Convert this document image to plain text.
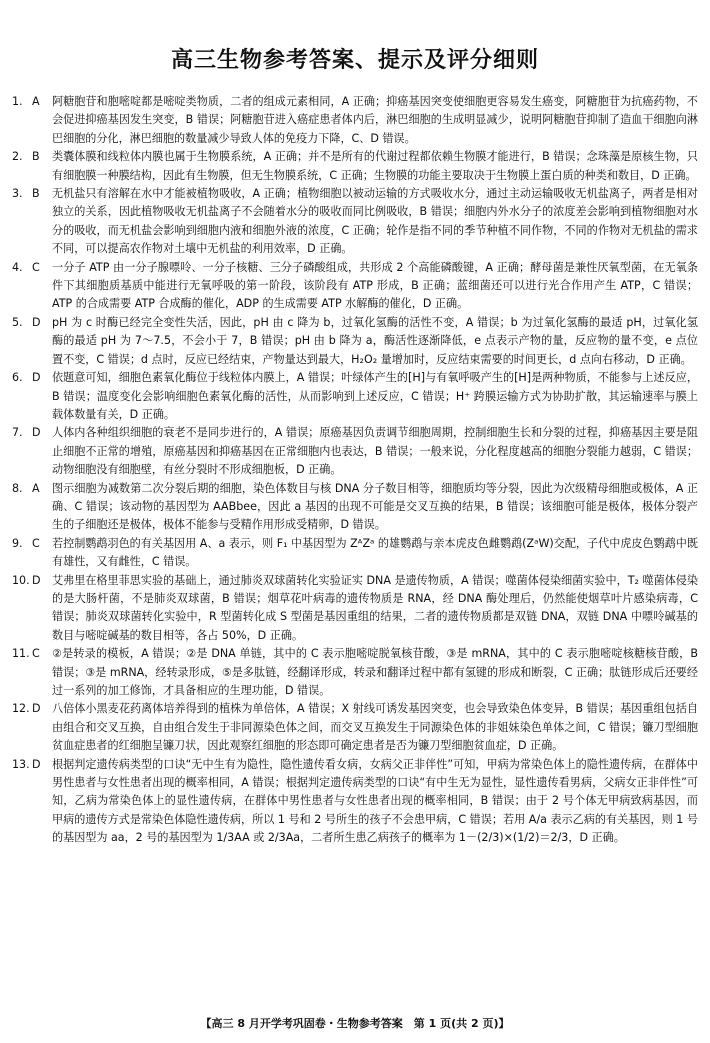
高三生物参考答案、提示及评分细则
1. A	阿糖胞苷和胞嘧啶都是嘧啶类物质，二者的组成元素相同，A 正确；抑癌基因突变使细胞更容易发生癌变，阿糖胞苷为抗癌药物，不会促进抑癌基因发生突变，B 错误；阿糖胞苷进入癌症患者体内后，淋巴细胞的生成明显减少，说明阿糖胞苷抑制了造血干细胞向淋巴细胞的分化，淋巴细胞的数量减少导致人体的免疫力下降，C、D 错误。
2. B	类囊体膜和线粒体内膜也属于生物膜系统，A 正确；并不是所有的代谢过程都依赖生物膜才能进行，B 错误；念珠藻是原核生物，只有细胞膜一种膜结构，因此有生物膜，但无生物膜系统，C 正确；生物膜的功能主要取决于生物膜上蛋白质的种类和数目，D 正确。
3. B	无机盐只有溶解在水中才能被植物吸收，A 正确；植物细胞以被动运输的方式吸收水分，通过主动运输吸收无机盐离子，两者是相对独立的关系，因此植物吸收无机盐离子不会随着水分的吸收而同比例吸收，B 错误；细胞内外水分子的浓度差会影响到植物细胞对水分的吸收，而无机盐会影响到细胞内液和细胞外液的浓度，C 正确；轮作是指不同的季节种植不同作物，不同的作物对无机盐的需求不同，可以提高农作物对土壤中无机盐的利用效率，D 正确。
4. C	一分子 ATP 由一分子腺嘌呤、一分子核糖、三分子磷酸组成，共形成 2 个高能磷酸键，A 正确；酵母菌是兼性厌氧型菌，在无氧条件下其细胞质基质中能进行无氧呼吸的第一阶段，该阶段有 ATP 形成，B 正确；蓝细菌还可以进行光合作用产生 ATP，C 错误；ATP 的合成需要 ATP 合成酶的催化，ADP 的生成需要 ATP 水解酶的催化，D 正确。
5. D	pH 为 c 时酶已经完全变性失活，因此，pH 由 c 降为 b，过氧化氢酶的活性不变，A 错误；b 为过氧化氢酶的最适 pH，过氧化氢酶的最适 pH 为 7～7.5，不会小于 7，B 错误；pH 由 b 降为 a，酶活性逐渐降低，e 点表示产物的量，反应物的量不变，e 点位置不变，C 错误；d 点时，反应已经结束，产物量达到最大，H₂O₂ 量增加时，反应结束需要的时间更长，d 点向右移动，D 正确。
6. D	依题意可知，细胞色素氧化酶位于线粒体内膜上，A 错误；叶绿体产生的[H]与有氧呼吸产生的[H]是两种物质，不能参与上述反应，B 错误；温度变化会影响细胞色素氧化酶的活性，从而影响到上述反应，C 错误；H⁺ 跨膜运输方式为协助扩散，其运输速率与膜上载体数量有关，D 正确。
7. D	人体内各种组织细胞的衰老不是同步进行的，A 错误；原癌基因负责调节细胞周期，控制细胞生长和分裂的过程，抑癌基因主要是阻止细胞不正常的增殖，原癌基因和抑癌基因在正常细胞内也表达，B 错误；一般来说，分化程度越高的细胞分裂能力越弱，C 错误；动物细胞没有细胞壁，有丝分裂时不形成细胞板，D 正确。
8. A	图示细胞为减数第二次分裂后期的细胞，染色体数目与核 DNA 分子数目相等，细胞质均等分裂，因此为次级精母细胞或极体，A 正确、C 错误；该动物的基因型为 AABbee，因此 a 基因的出现不可能是交叉互换的结果，B 错误；该细胞可能是极体，极体分裂产生的子细胞还是极体，极体不能参与受精作用形成受精卵，D 错误。
9. C	若控制鹦鹉羽色的有关基因用 A、a 表示，则 F₁ 中基因型为 ZᴬZᵃ 的雄鹦鹉与亲本虎皮色雌鹦鹉(ZᵃW)交配，子代中虎皮色鹦鹉中既有雄性，又有雌性，C 错误。
10. D	艾弗里在格里菲思实验的基础上，通过肺炎双球菌转化实验证实 DNA 是遗传物质，A 错误；噬菌体侵染细菌实验中，T₂ 噬菌体侵染的是大肠杆菌，不是肺炎双球菌，B 错误；烟草花叶病毒的遗传物质是 RNA，经 DNA 酶处理后，仍然能使烟草叶片感染病毒，C 错误；肺炎双球菌转化实验中，R 型菌转化成 S 型菌是基因重组的结果，二者的遗传物质都是双链 DNA，双链 DNA 中嘌呤碱基的数目与嘧啶碱基的数目相等，各占 50%，D 正确。
11. C	②是转录的模板，A 错误；②是 DNA 单链，其中的 C 表示胞嘧啶脱氧核苷酸，③是 mRNA，其中的 C 表示胞嘧啶核糖核苷酸，B 错误；③是 mRNA，经转录形成，⑤是多肽链，经翻译形成，转录和翻译过程中都有氢键的形成和断裂，C 正确；肽链形成后还要经过一系列的加工修饰，才具备相应的生理功能，D 错误。
12. D	八倍体小黑麦花药离体培养得到的植株为单倍体，A 错误；X 射线可诱发基因突变，也会导致染色体变异，B 错误；基因重组包括自由组合和交叉互换，自由组合发生于非同源染色体之间，而交叉互换发生于同源染色体的非姐妹染色单体之间，C 错误；镰刀型细胞贫血症患者的红细胞呈镰刀状，因此观察红细胞的形态即可确定患者是否为镰刀型细胞贫血症，D 正确。
13. D	根据判定遗传病类型的口诀“无中生有为隐性，隐性遗传看女病，女病父正非伴性”可知，甲病为常染色体上的隐性遗传病，在群体中男性患者与女性患者出现的概率相同，A 错误；根据判定遗传病类型的口诀“有中生无为显性，显性遗传看男病，父病女正非伴性”可知，乙病为常染色体上的显性遗传病，在群体中男性患者与女性患者出现的概率相同，B 错误；由于 2 号个体无甲病致病基因，而甲病的遗传方式是常染色体隐性遗传病，所以 1 号和 2 号所生的孩子不会患甲病，C 错误；若用 A/a 表示乙病的有关基因，则 1 号的基因型为 aa，2 号的基因型为 1/3AA 或 2/3Aa，二者所生患乙病孩子的概率为 1－(2/3)×(1/2)＝2/3，D 正确。
【高三 8 月开学考巩固卷・生物参考答案　第 1 页(共 2 页)】
